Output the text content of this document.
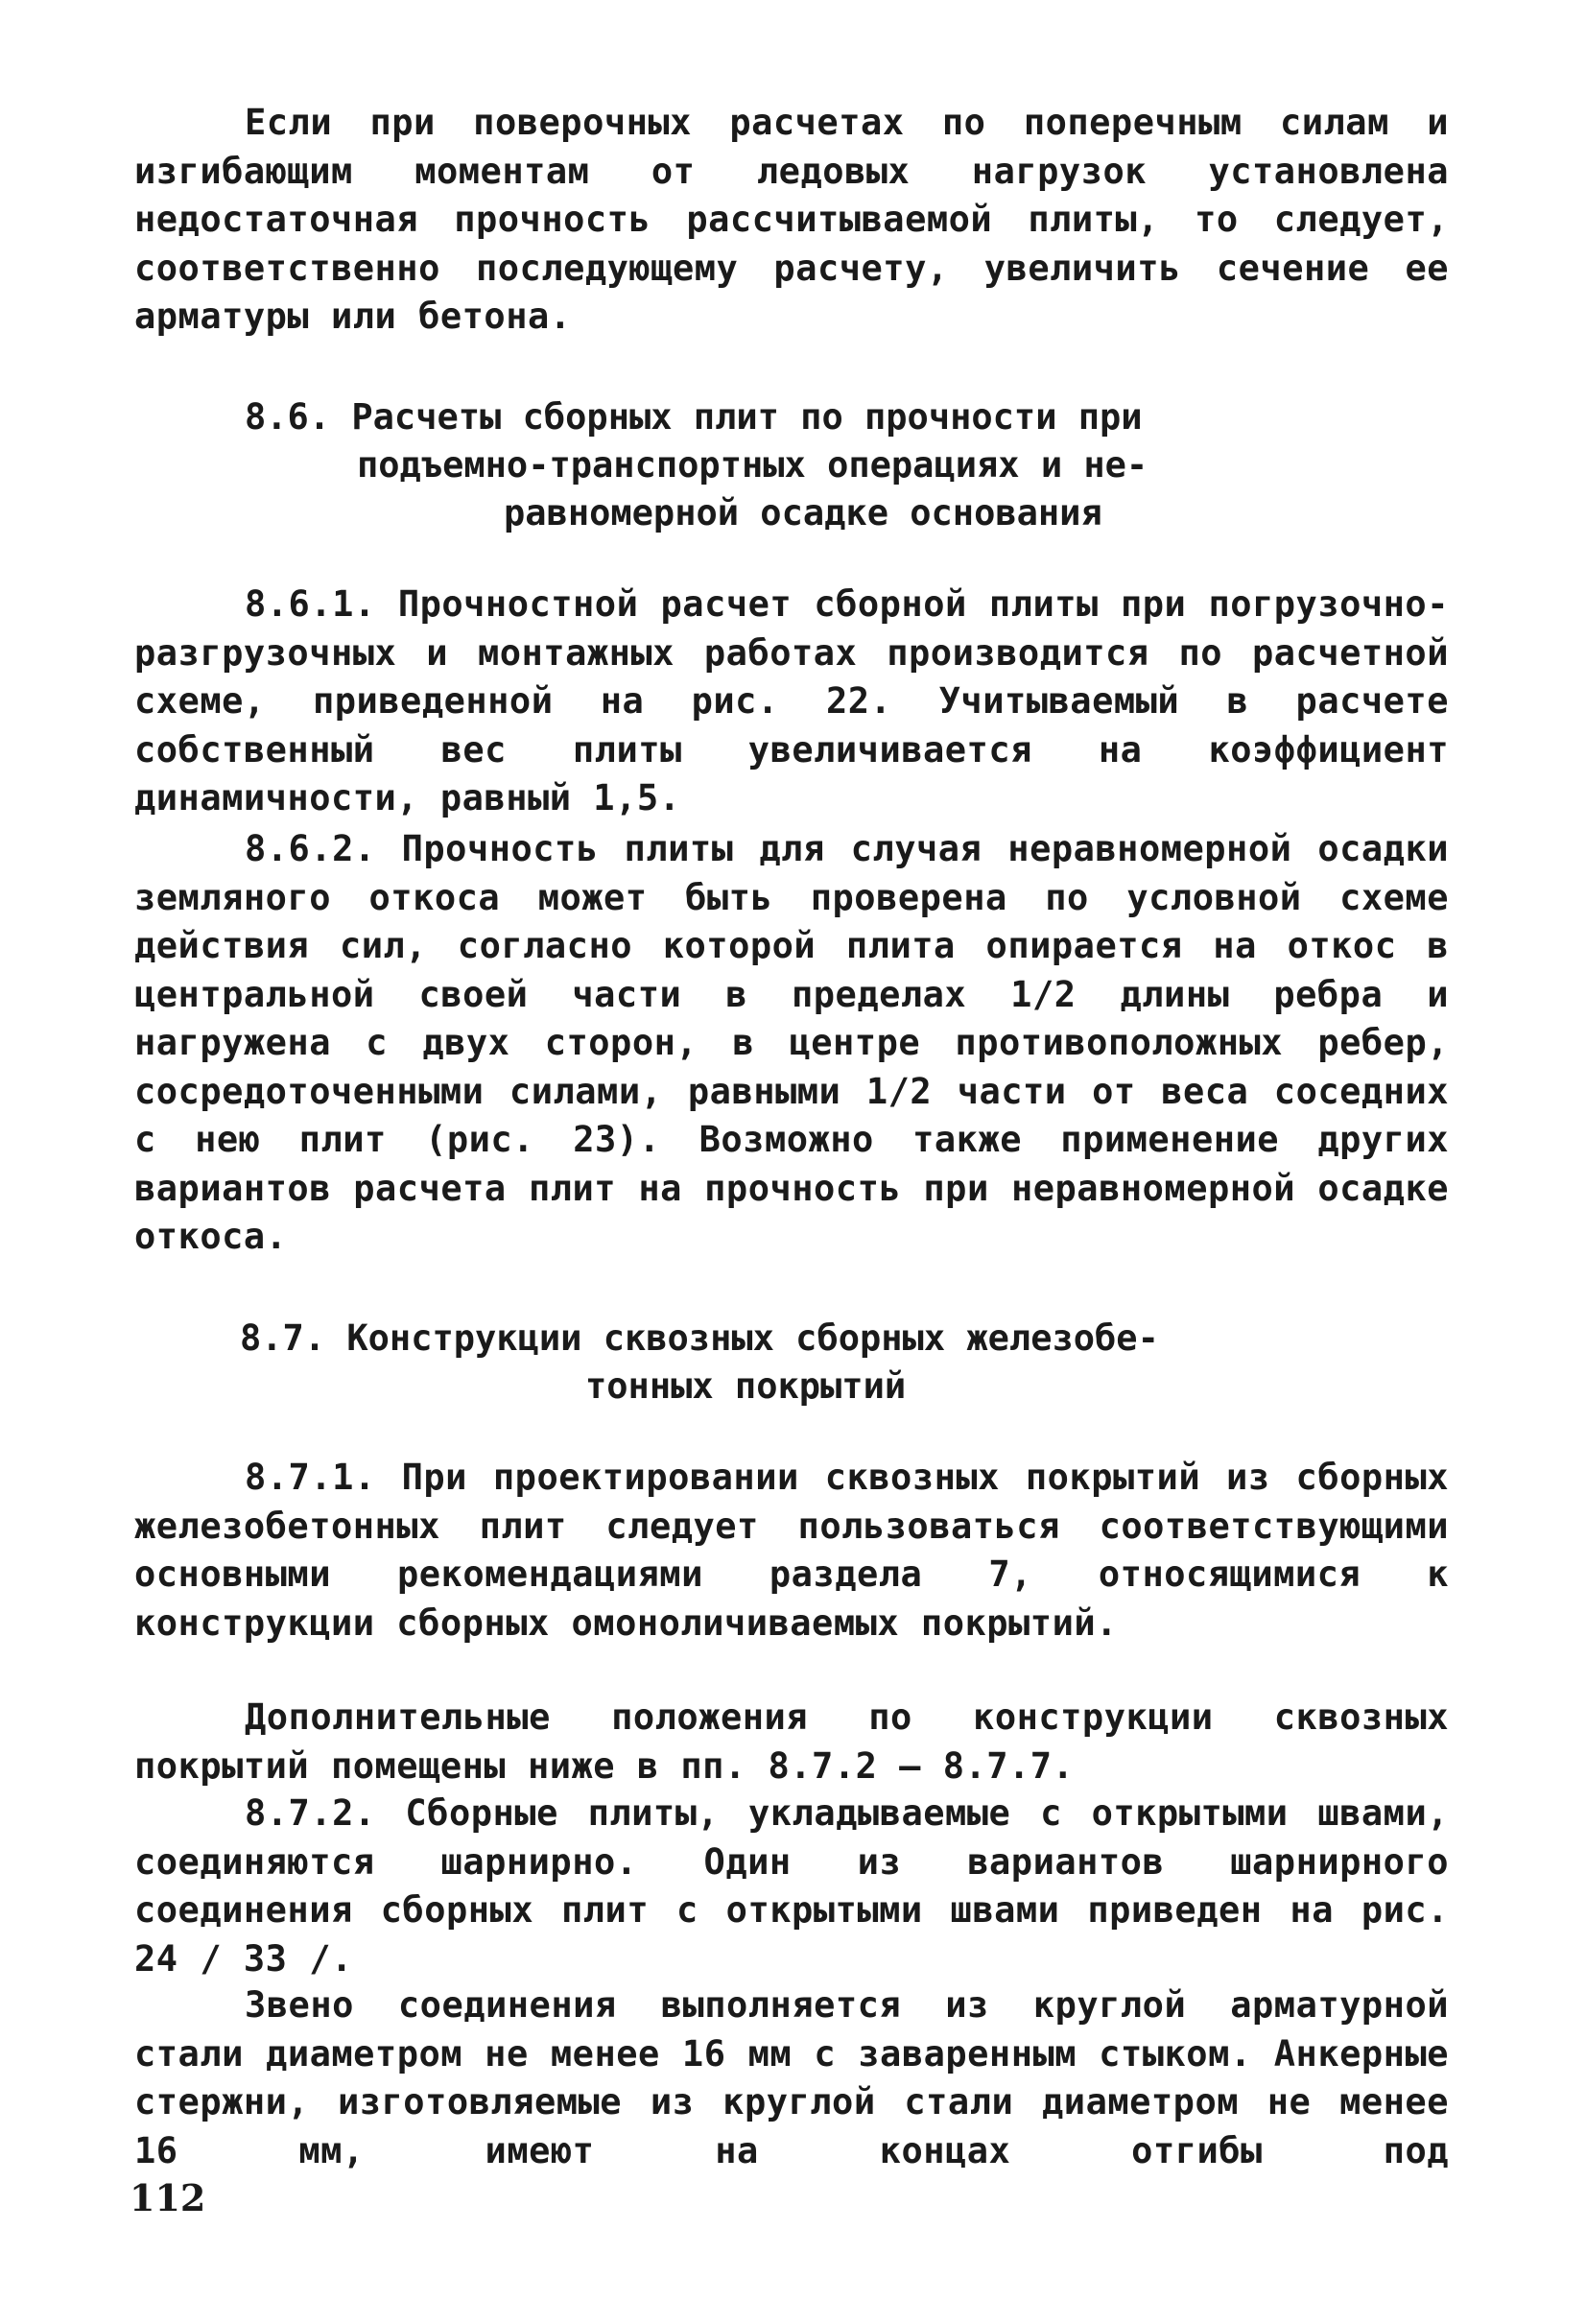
Если при поверочных расчетах по поперечным силам и изгибающим моментам от ледовых нагрузок установлена недостаточная прочность рассчитываемой плиты, то следует, соответственно последующему расчету, увеличить сечение ее арматуры или бетона.
8.6. Расчеты сборных плит по прочности при
подъемно-транспортных операциях и не-
равномерной осадке основания
8.6.1. Прочностной расчет сборной плиты при погрузочно-разгрузочных и монтажных работах производится по расчетной схеме, приведенной на рис. 22. Учитываемый в расчете собственный вес плиты увеличивается на коэффициент динамичности, равный 1,5.
8.6.2. Прочность плиты для случая неравномерной осадки земляного откоса может быть проверена по условной схеме действия сил, согласно которой плита опирается на откос в центральной своей части в пределах 1/2 длины ребра и нагружена с двух сторон, в центре противоположных ребер, сосредоточенными силами, равными 1/2 части от веса соседних с нею плит (рис. 23). Возможно также применение других вариантов расчета плит на прочность при неравномерной осадке откоса.
8.7. Конструкции сквозных сборных железобе-
тонных покрытий
8.7.1. При проектировании сквозных покрытий из сборных железобетонных плит следует пользоваться соответствующими основными рекомендациями раздела 7, относящимися к конструкции сборных омоноличиваемых покрытий.
Дополнительные положения по конструкции сквозных покрытий помещены ниже в пп. 8.7.2 – 8.7.7.
8.7.2. Сборные плиты, укладываемые с открытыми швами, соединяются шарнирно. Один из вариантов шарнирного соединения сборных плит с открытыми швами приведен на рис. 24 / 33 /.
Звено соединения выполняется из круглой арматурной стали диаметром не менее 16 мм с заваренным стыком. Анкерные стержни, изготовляемые из круглой стали диаметром не менее 16 мм, имеют на концах отгибы под
112
